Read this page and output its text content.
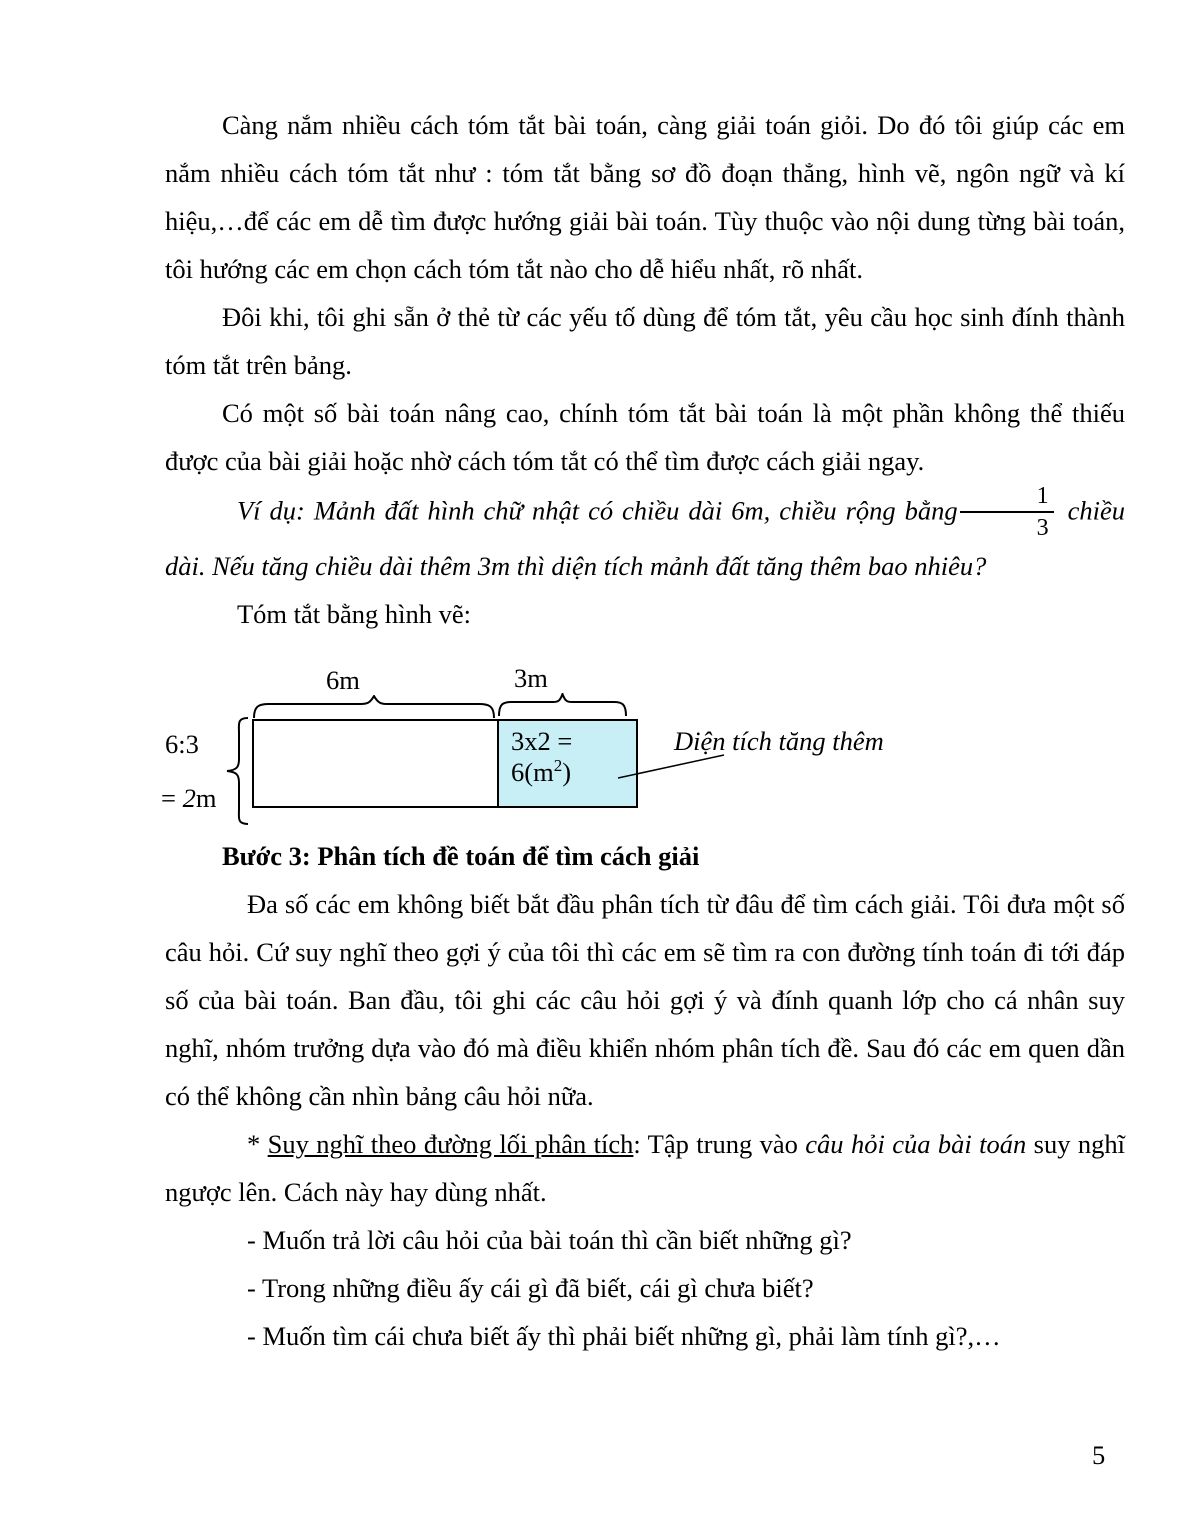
Càng nắm nhiều cách tóm tắt bài toán, càng giải toán giỏi. Do đó tôi giúp các em nắm nhiều cách tóm tắt như : tóm tắt bằng sơ đồ đoạn thẳng, hình vẽ, ngôn ngữ và kí hiệu,…để các em dễ tìm được hướng giải bài toán. Tùy thuộc vào nội dung từng bài toán, tôi hướng các em chọn cách tóm tắt nào cho dễ hiểu nhất, rõ nhất.

Đôi khi, tôi ghi sẵn ở thẻ từ các yếu tố dùng để tóm tắt, yêu cầu học sinh đính thành tóm tắt trên bảng.

Có một số bài toán nâng cao, chính tóm tắt bài toán là một phần không thể thiếu được của bài giải hoặc nhờ cách tóm tắt có thể tìm được cách giải ngay.

Ví dụ: Mảnh đất hình chữ nhật có chiều dài 6m, chiều rộng bằng $\frac{1}{3}$ chiều dài. Nếu tăng chiều dài thêm 3m thì diện tích mảnh đất tăng thêm bao nhiêu?

Tóm tắt bằng hình vẽ:

6m	3m
6:3
= 2m
3x2 =
$6(m^2)$
Diện tích tăng thêm

Bước 3: Phân tích đề toán để tìm cách giải

Đa số các em không biết bắt đầu phân tích từ đâu để tìm cách giải. Tôi đưa một số câu hỏi. Cứ suy nghĩ theo gợi ý của tôi thì các em sẽ tìm ra con đường tính toán đi tới đáp số của bài toán. Ban đầu, tôi ghi các câu hỏi gợi ý và đính quanh lớp cho cá nhân suy nghĩ, nhóm trưởng dựa vào đó mà điều khiển nhóm phân tích đề. Sau đó các em quen dần có thể không cần nhìn bảng câu hỏi nữa.

* Suy nghĩ theo đường lối phân tích: Tập trung vào câu hỏi của bài toán suy nghĩ ngược lên. Cách này hay dùng nhất.

- Muốn trả lời câu hỏi của bài toán thì cần biết những gì?

- Trong những điều ấy cái gì đã biết, cái gì chưa biết?

- Muốn tìm cái chưa biết ấy thì phải biết những gì, phải làm tính gì?,…

5
